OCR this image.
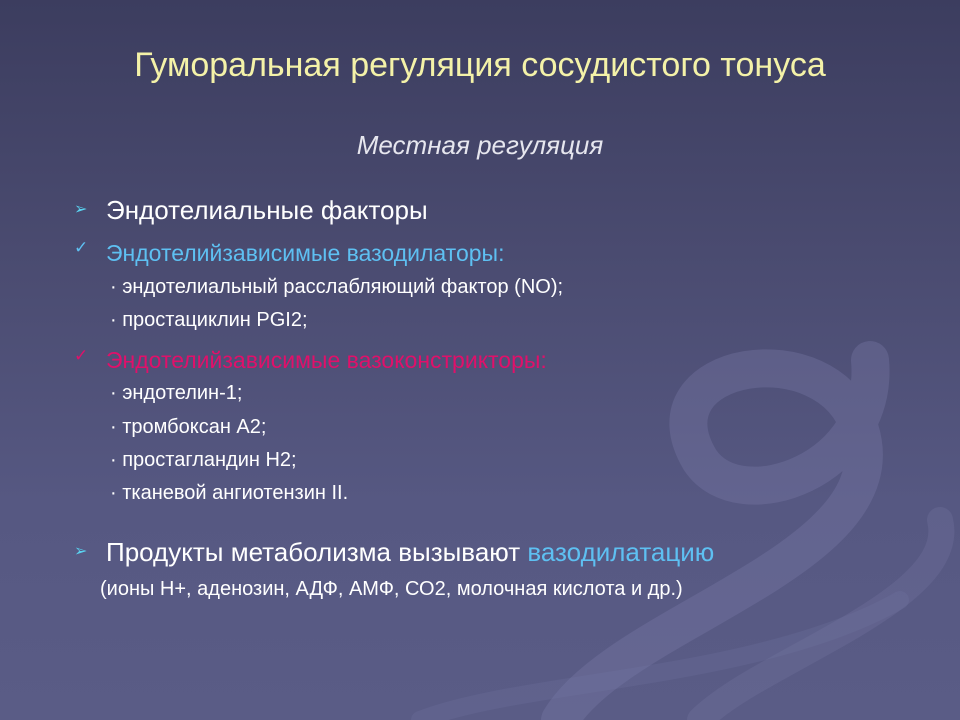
Гуморальная регуляция сосудистого тонуса
Местная регуляция
➢ Эндотелиальные факторы
✓ Эндотелийзависимые вазодилаторы:
· эндотелиальный расслабляющий фактор (NO);
· простациклин PGI2;
✓ Эндотелийзависимые вазоконстрикторы:
· эндотелин-1;
· тромбоксан А2;
· простагландин Н2;
· тканевой ангиотензин II.
➢ Продукты метаболизма вызывают вазодилатацию
(ионы Н+, аденозин, АДФ, АМФ, СО2, молочная кислота и др.)
